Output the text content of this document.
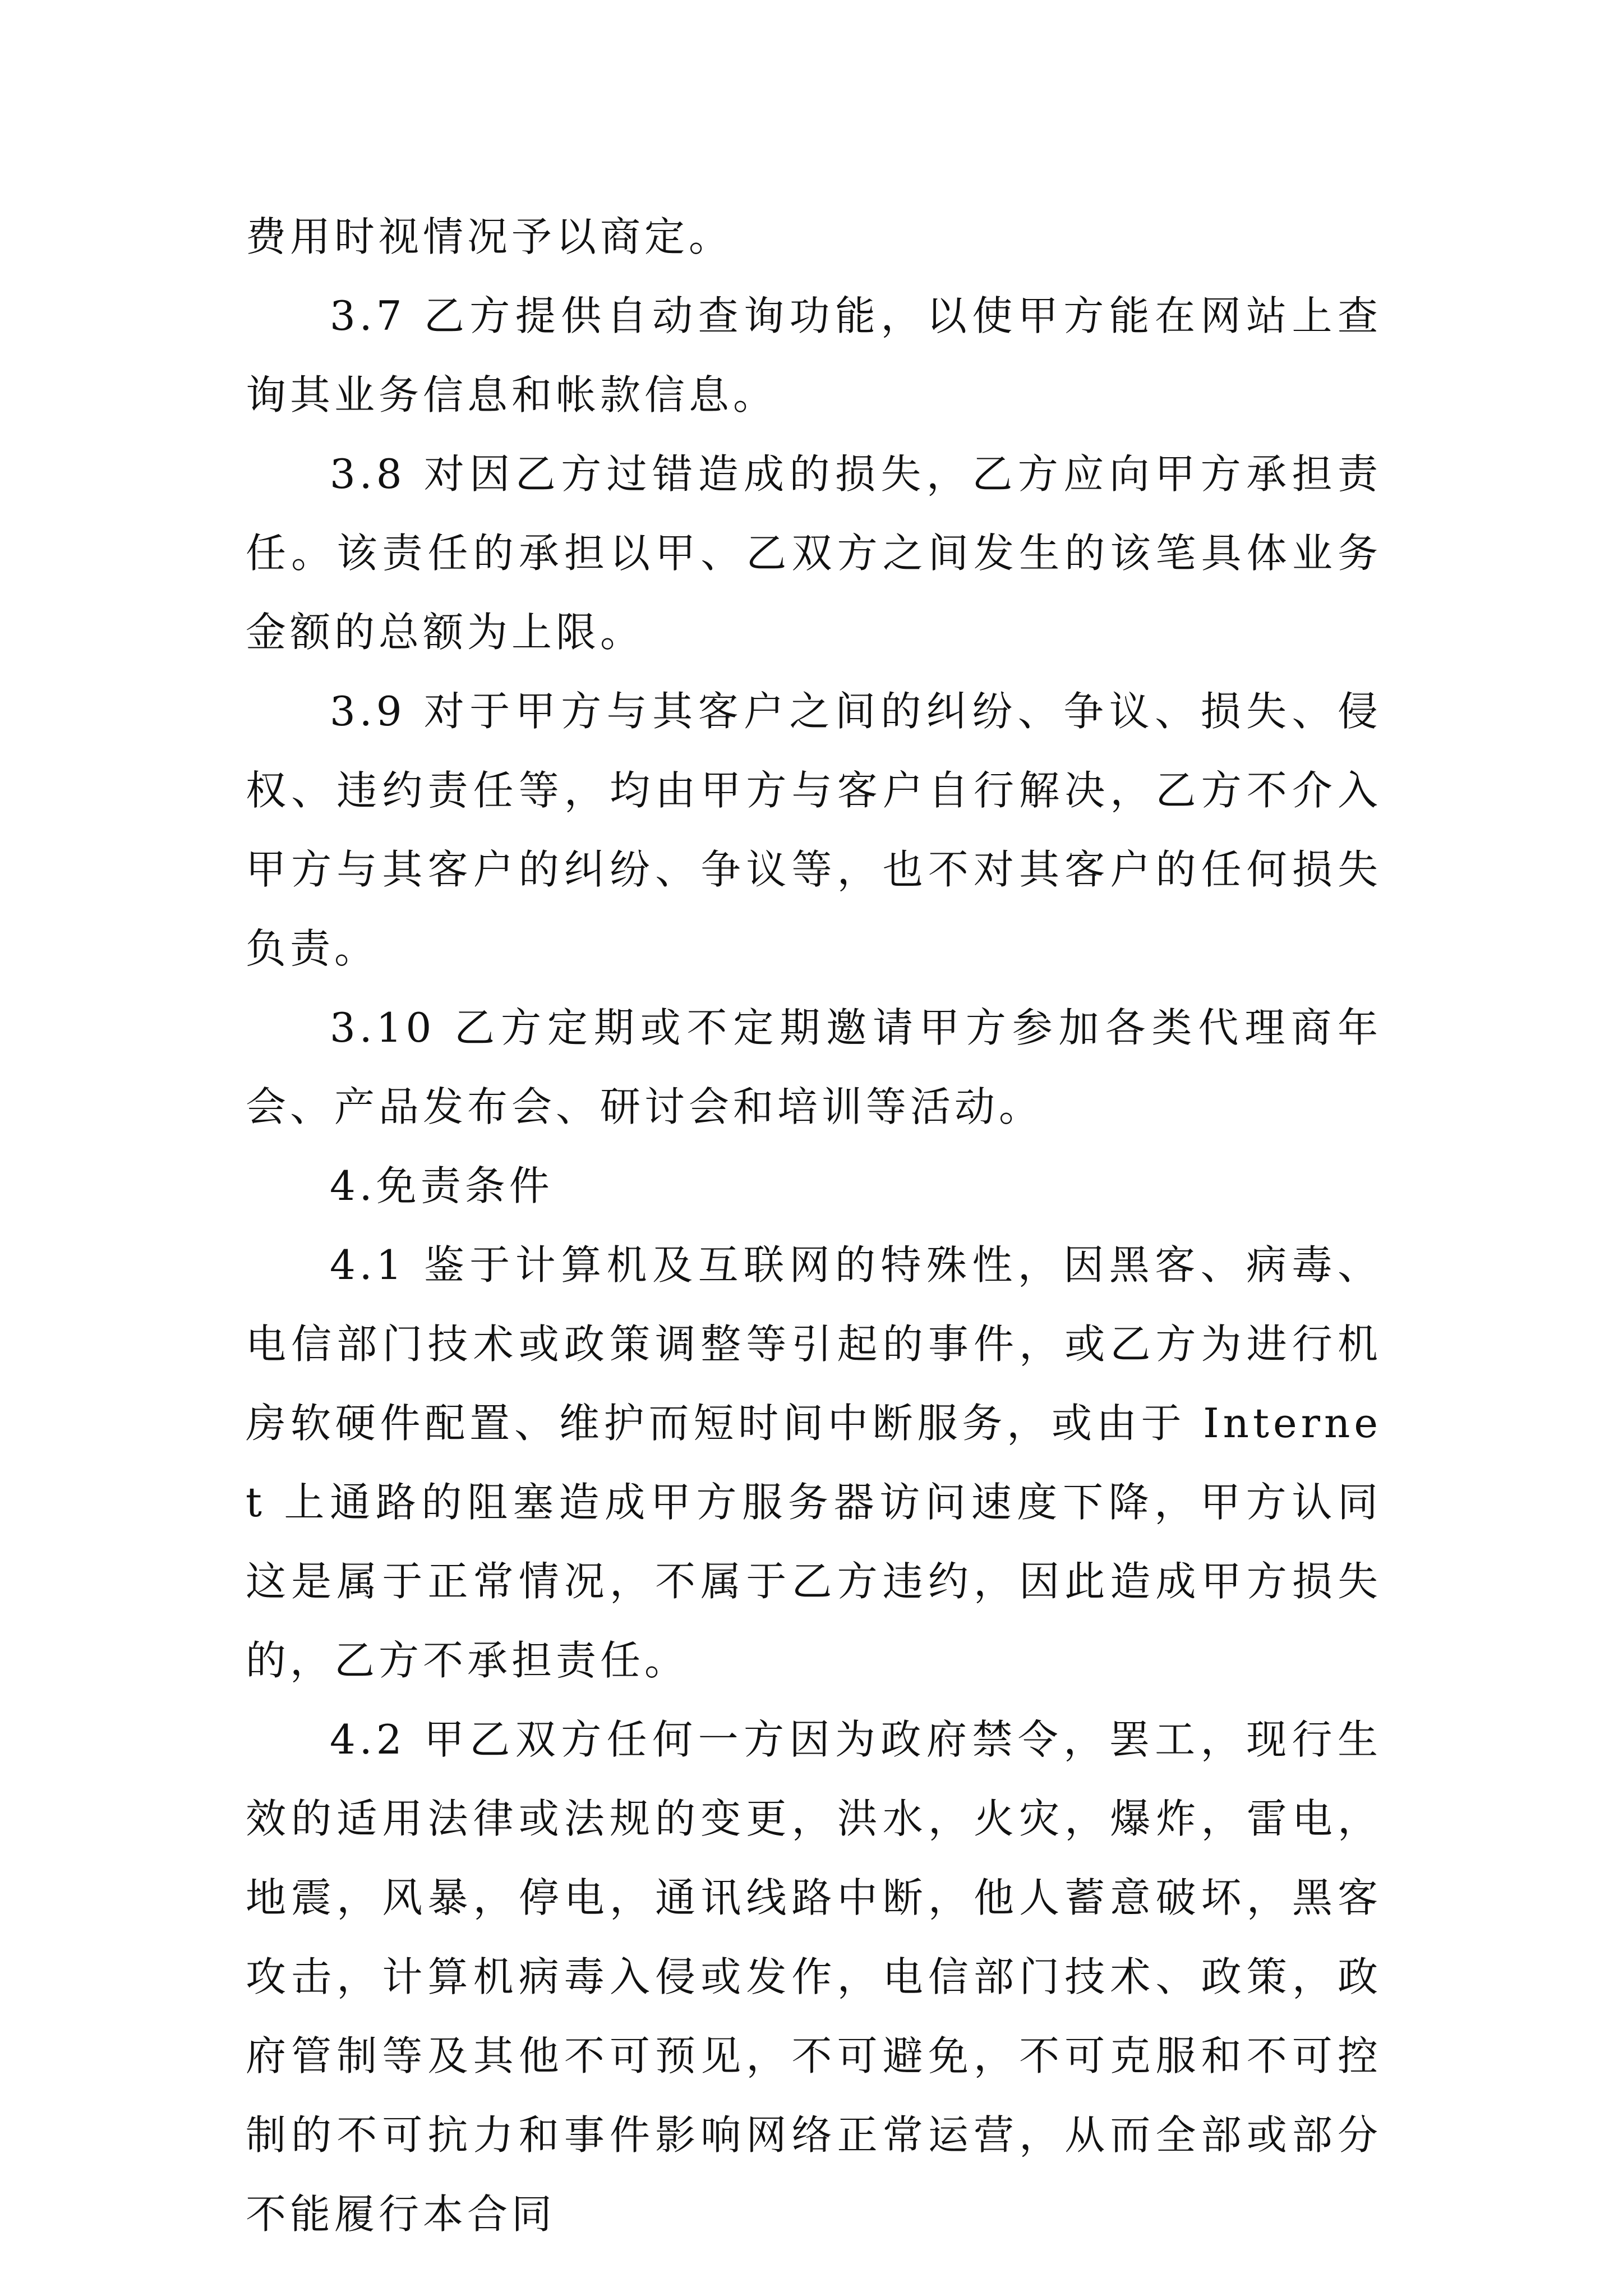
费用时视情况予以商定。

3.7 乙方提供自动查询功能，以使甲方能在网站上查询其业务信息和帐款信息。

3.8 对因乙方过错造成的损失，乙方应向甲方承担责任。该责任的承担以甲、乙双方之间发生的该笔具体业务金额的总额为上限。

3.9 对于甲方与其客户之间的纠纷、争议、损失、侵权、违约责任等，均由甲方与客户自行解决，乙方不介入甲方与其客户的纠纷、争议等，也不对其客户的任何损失负责。

3.10 乙方定期或不定期邀请甲方参加各类代理商年会、产品发布会、研讨会和培训等活动。

4.免责条件

4.1 鉴于计算机及互联网的特殊性，因黑客、病毒、电信部门技术或政策调整等引起的事件，或乙方为进行机房软硬件配置、维护而短时间中断服务，或由于 Internet 上通路的阻塞造成甲方服务器访问速度下降，甲方认同这是属于正常情况，不属于乙方违约，因此造成甲方损失的，乙方不承担责任。

4.2 甲乙双方任何一方因为政府禁令，罢工，现行生效的适用法律或法规的变更，洪水，火灾，爆炸，雷电，地震，风暴，停电，通讯线路中断，他人蓄意破坏，黑客攻击，计算机病毒入侵或发作，电信部门技术、政策，政府管制等及其他不可预见，不可避免，不可克服和不可控制的不可抗力和事件影响网络正常运营，从而全部或部分不能履行本合同
